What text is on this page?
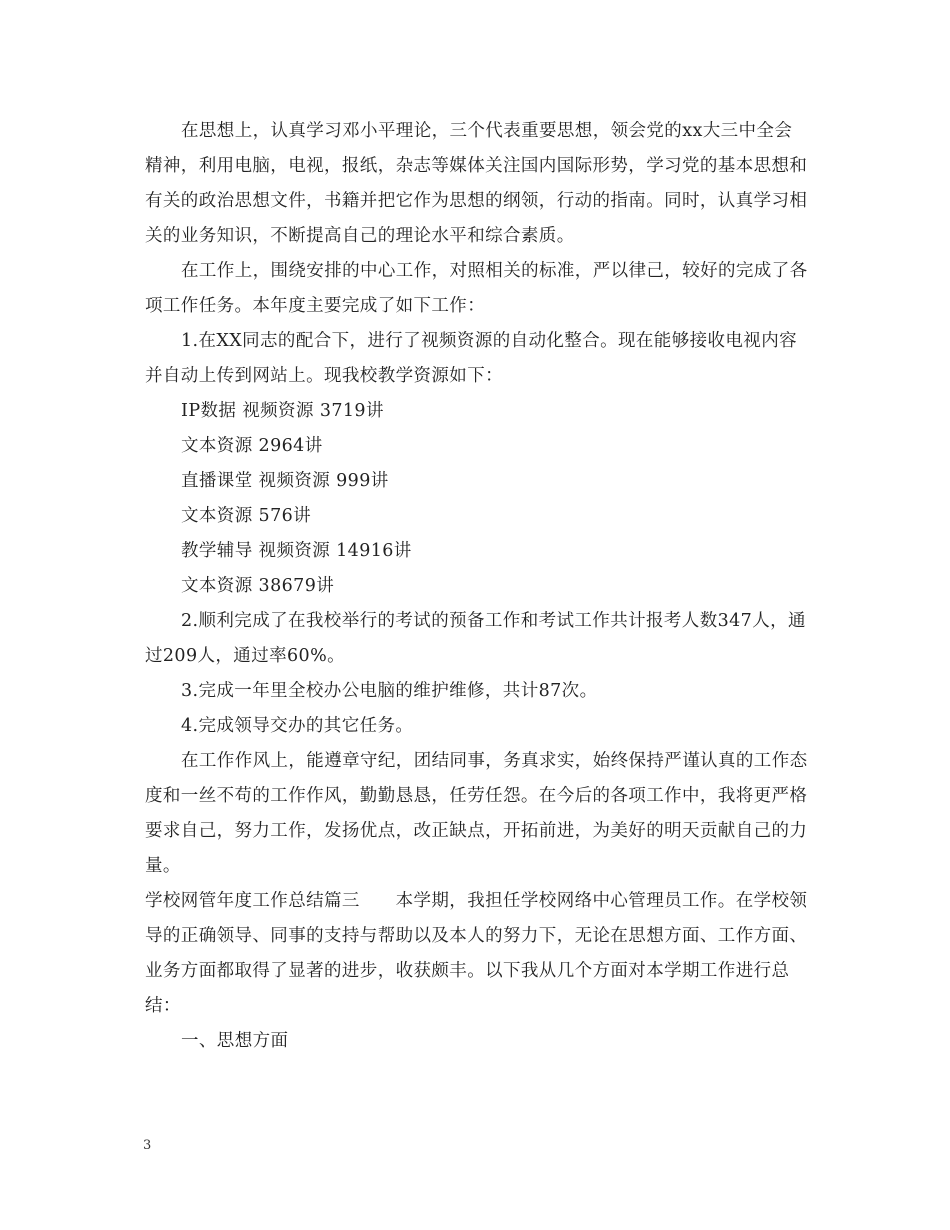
在思想上，认真学习邓小平理论，三个代表重要思想，领会党的xx大三中全会精神，利用电脑，电视，报纸，杂志等媒体关注国内国际形势，学习党的基本思想和有关的政治思想文件，书籍并把它作为思想的纲领，行动的指南。同时，认真学习相关的业务知识，不断提高自己的理论水平和综合素质。

在工作上，围绕安排的中心工作，对照相关的标准，严以律己，较好的完成了各项工作任务。本年度主要完成了如下工作：

1.在XX同志的配合下，进行了视频资源的自动化整合。现在能够接收电视内容并自动上传到网站上。现我校教学资源如下：

IP数据 视频资源 3719讲

文本资源 2964讲

直播课堂 视频资源 999讲

文本资源 576讲

教学辅导 视频资源 14916讲

文本资源 38679讲

2.顺利完成了在我校举行的考试的预备工作和考试工作共计报考人数347人，通过209人，通过率60%。

3.完成一年里全校办公电脑的维护维修，共计87次。

4.完成领导交办的其它任务。

在工作作风上，能遵章守纪，团结同事，务真求实，始终保持严谨认真的工作态度和一丝不苟的工作作风，勤勤恳恳，任劳任怨。在今后的各项工作中，我将更严格要求自己，努力工作，发扬优点，改正缺点，开拓前进，为美好的明天贡献自己的力量。

学校网管年度工作总结篇三　　本学期，我担任学校网络中心管理员工作。在学校领导的正确领导、同事的支持与帮助以及本人的努力下，无论在思想方面、工作方面、业务方面都取得了显著的进步，收获颇丰。以下我从几个方面对本学期工作进行总结：

一、思想方面

3
